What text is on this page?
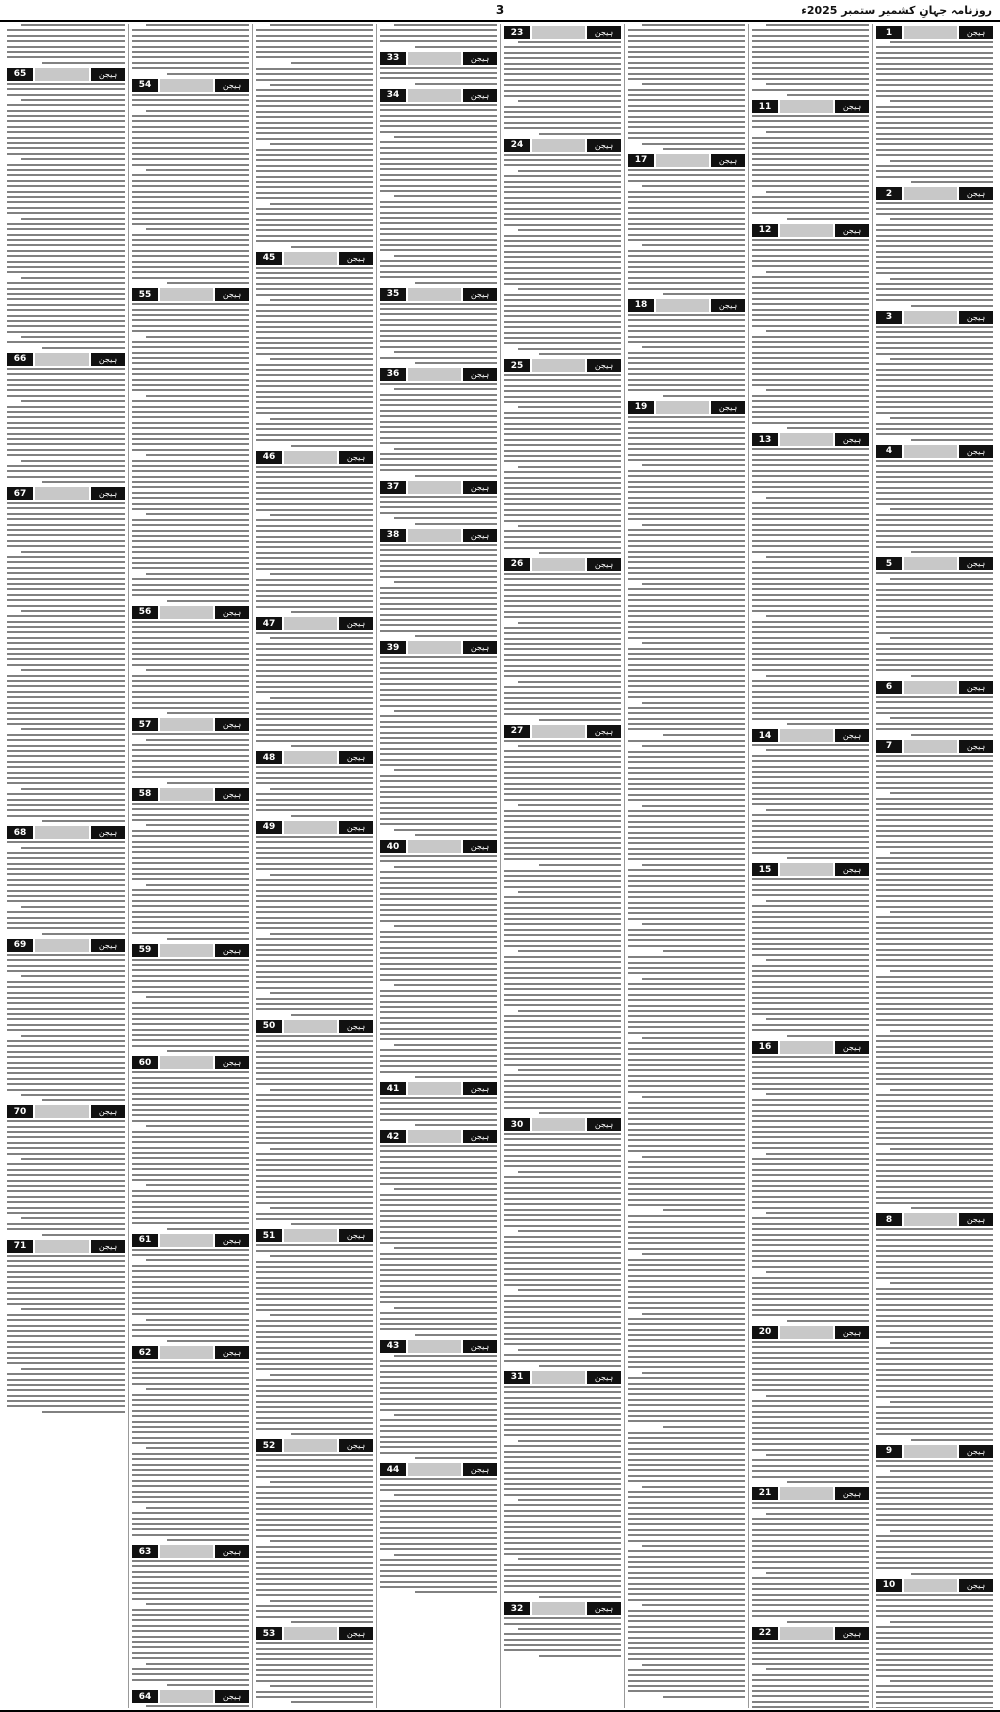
3	روزنامہ جہانِ کشمیر ستمبر 2025ء
1	ہیجن
2	ہیجن
3	ہیجن
4	ہیجن
5	ہیجن
6	ہیجن
7	ہیجن
8	ہیجن
9	ہیجن
10	ہیجن
11	ہیجن
12	ہیجن
13	ہیجن
14	ہیجن
15	ہیجن
16	ہیجن
20	ہیجن
21	ہیجن
22	ہیجن
17	ہیجن
18	ہیجن
19	ہیجن
23	ہیجن
24	ہیجن
25	ہیجن
26	ہیجن
27	ہیجن
30	ہیجن
31	ہیجن
32	ہیجن
33	ہیجن
34	ہیجن
35	ہیجن
36	ہیجن
37	ہیجن
38	ہیجن
39	ہیجن
40	ہیجن
41	ہیجن
42	ہیجن
43	ہیجن
44	ہیجن
45	ہیجن
46	ہیجن
47	ہیجن
48	ہیجن
49	ہیجن
50	ہیجن
51	ہیجن
52	ہیجن
53	ہیجن
54	ہیجن
55	ہیجن
56	ہیجن
57	ہیجن
58	ہیجن
59	ہیجن
60	ہیجن
61	ہیجن
62	ہیجن
63	ہیجن
64	ہیجن
65	ہیجن
66	ہیجن
67	ہیجن
68	ہیجن
69	ہیجن
70	ہیجن
71	ہیجن
